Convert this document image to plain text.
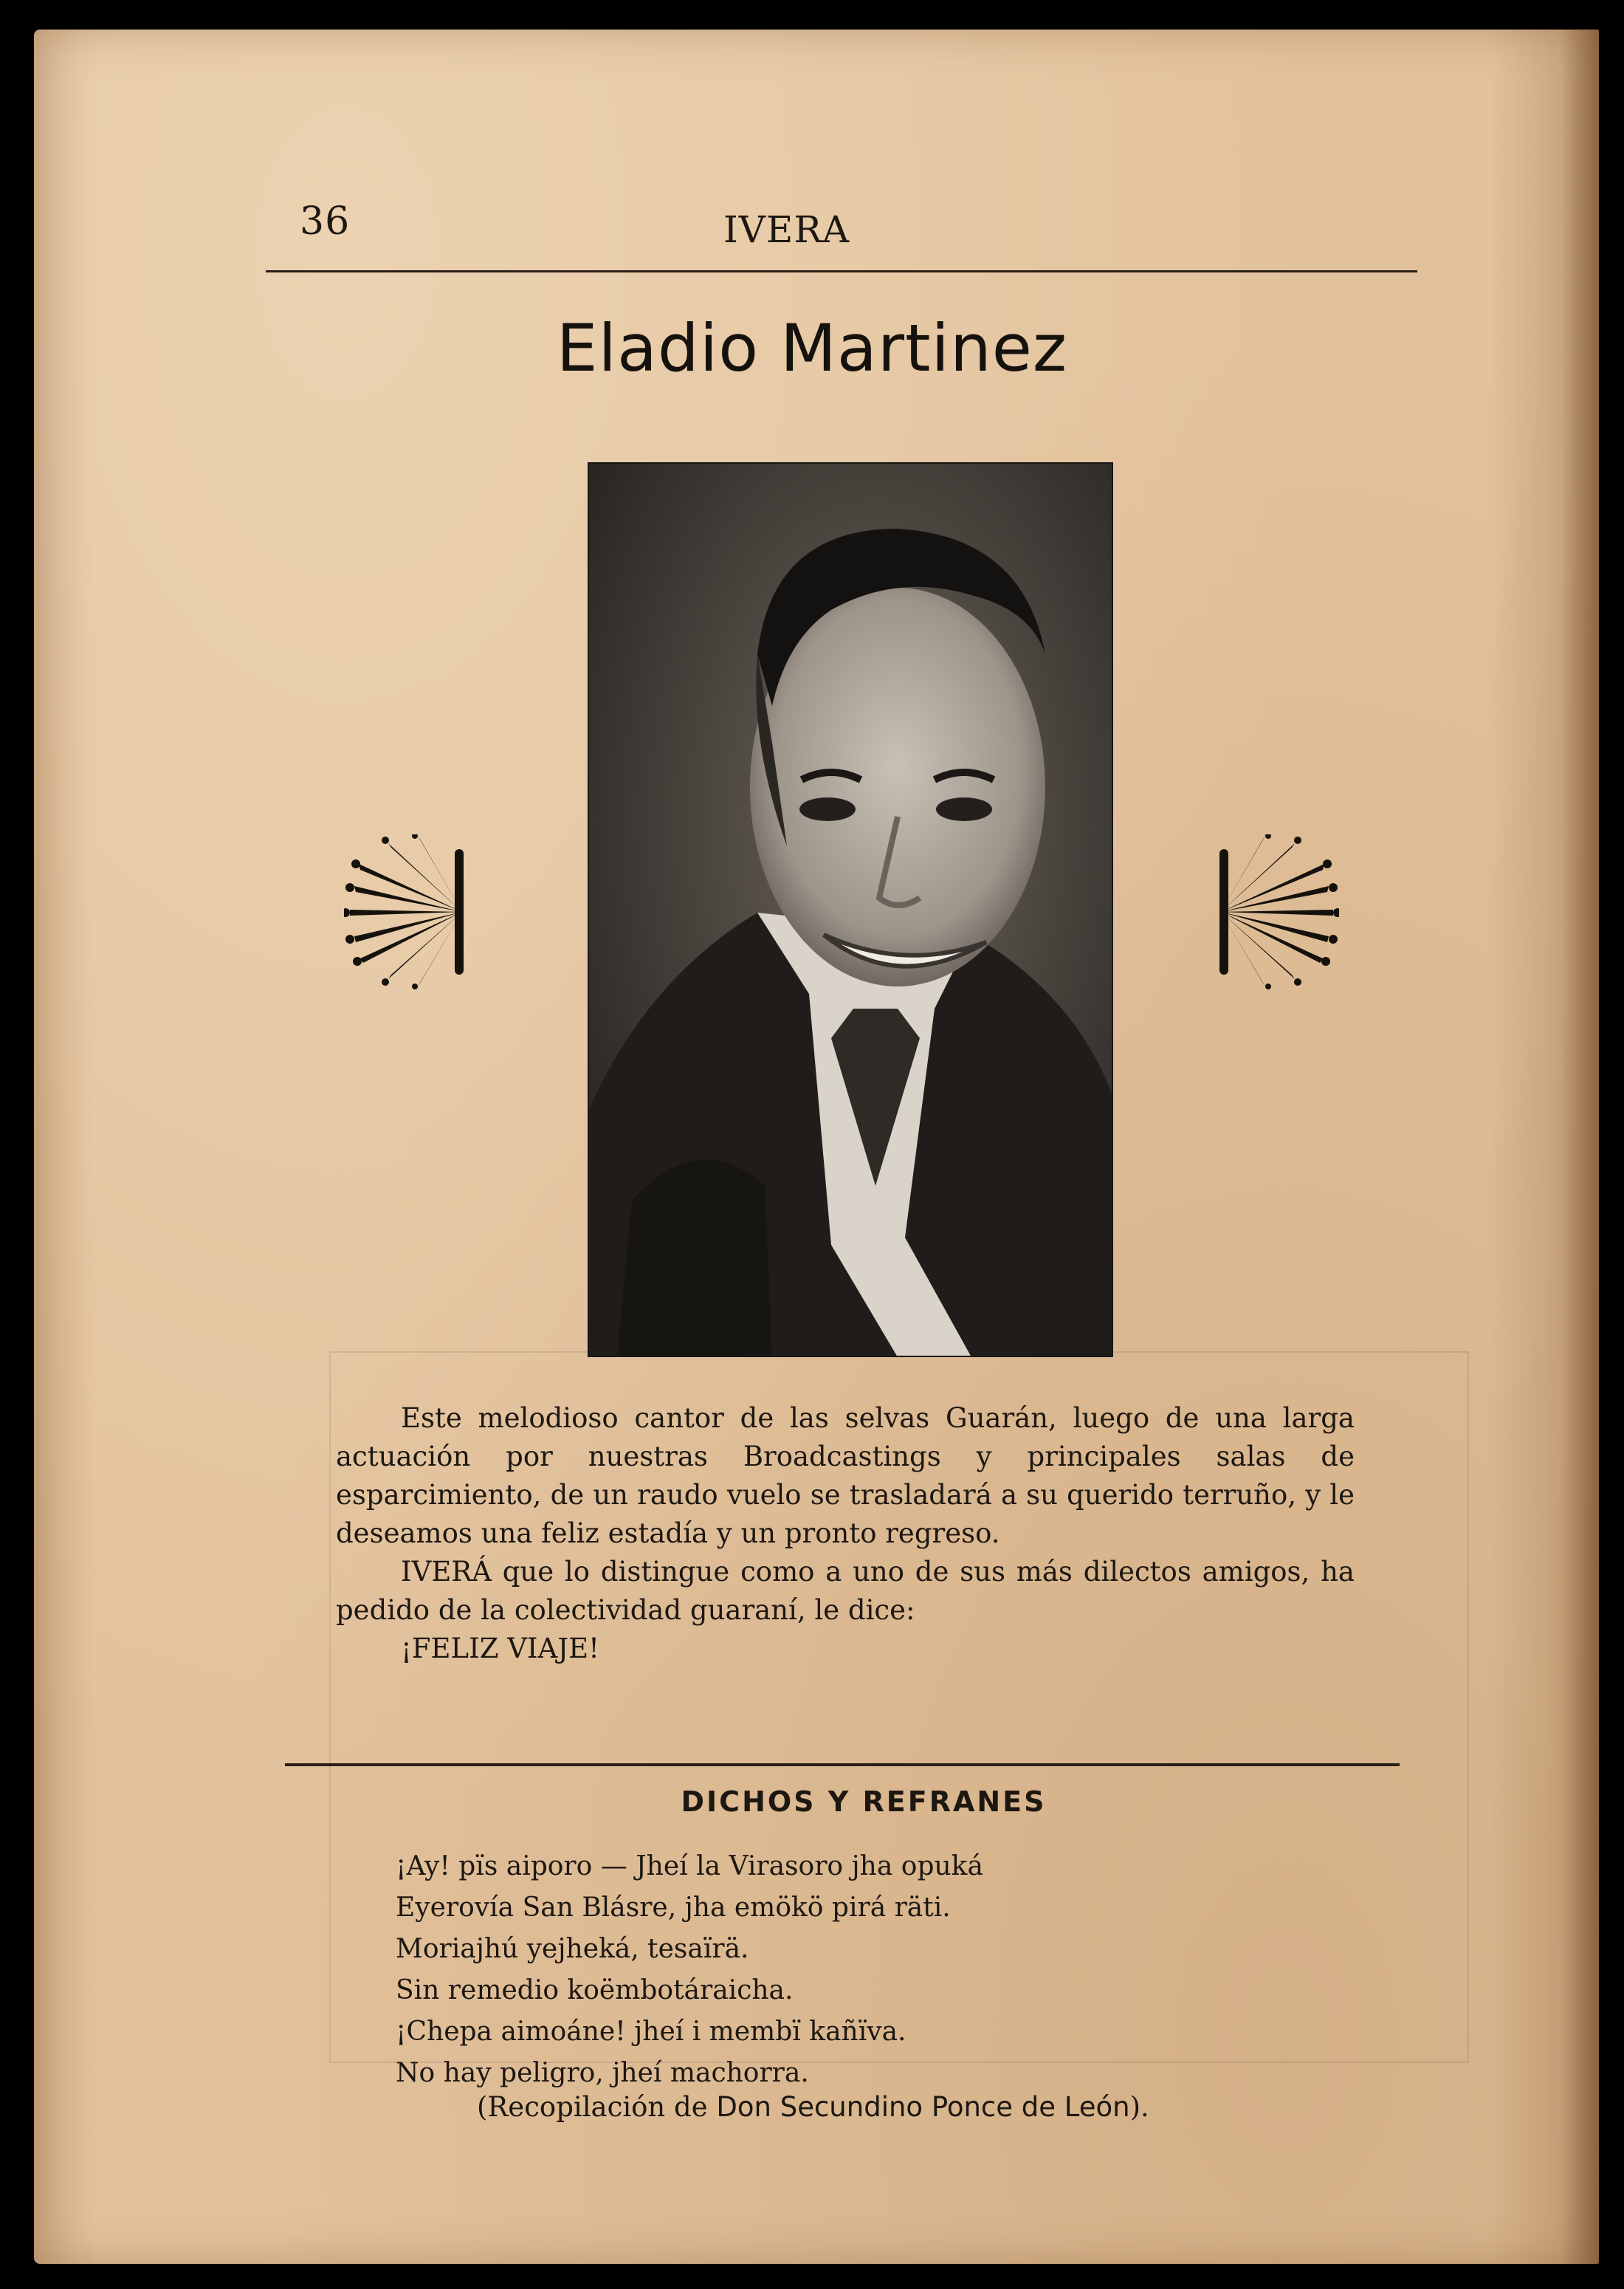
36	IVERA
Eladio Martinez

Este melodioso cantor de las selvas Guarán, luego de una larga actuación por nuestras Broadcastings y principales salas de esparcimiento, de un raudo vuelo se trasladará a su querido terruño, y le deseamos una feliz estadía y un pronto regreso.

IVERÁ que lo distingue como a uno de sus más dilectos amigos, ha pedido de la colectividad guaraní, le dice:

¡FELIZ VIAJE!

DICHOS Y REFRANES
¡Ay! pïs aiporo — Jheí la Virasoro jha opuká
Eyerovía San Blásre, jha emökö pirá räti.
Moriajhú yejheká, tesaïrä.
Sin remedio koëmbotáraicha.
¡Chepa aimoáne! jheí i membï kañïva.
No hay peligro, jheí machorra.
(Recopilación de Don Secundino Ponce de León).
